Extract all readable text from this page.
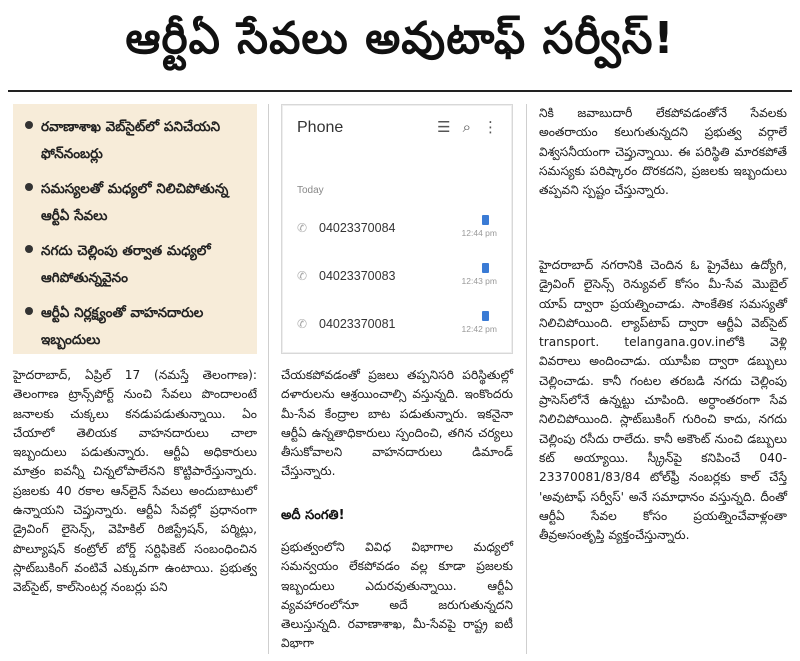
ఆర్టీఏ సేవలు అవుటాఫ్ సర్వీస్!
రవాణాశాఖ వెబ్‌సైట్‌లో పనిచేయని ఫోన్‌నంబర్లు
సమస్యలతో మధ్యలో నిలిచిపోతున్న ఆర్టీఏ సేవలు
నగదు చెల్లింపు తర్వాత మధ్యలో ఆగిపోతున్నవైనం
ఆర్టీఏ నిర్లక్ష్యంతో వాహనదారుల ఇబ్బందులు
Phone	☰ ⌕ ⋮
Today
✆ 04023370084	12:44 pm
✆ 04023370083	12:43 pm
✆ 04023370081	12:42 pm

హైదరాబాద్, ఏప్రిల్ 17 (నమస్తే తెలంగాణ): తెలంగాణ ట్రాన్స్‌పోర్ట్ నుంచి సేవలు పొందాలంటే జనాలకు చుక్కలు కనడుపడుతున్నాయి. ఏం చేయాలో తెలియక వాహనదారులు చాలా ఇబ్బందులు పడుతున్నారు. ఆర్టీఏ అధికారులు మాత్రం ఐవన్నీ చిన్నలోపాలేనని కొట్టిపారేస్తున్నారు. ప్రజలకు 40 రకాల ఆన్‌లైన్ సేవలు అందుబాటులో ఉన్నాయని చెప్తున్నారు. ఆర్టీఏ సేవల్లో ప్రధానంగా డ్రైవింగ్ లైసెన్స్, వెహికిల్ రిజిస్ట్రేషన్, పర్మిట్లు, పొల్యూషన్ కంట్రోల్ బోర్డ్ సర్టిఫికెట్ సంబంధించిన స్లాట్‌బుకింగ్ వంటివే ఎక్కువగా ఉంటాయి. ప్రభుత్వ వెబ్‌సైట్, కాల్‌సెంటర్ల నంబర్లు పని

చేయకపోవడంతో ప్రజలు తప్పనిసరి పరిస్థితుల్లో దళారులను ఆశ్రయించాల్సి వస్తున్నది. ఇంకొందరు మీ-సేవ కేంద్రాల బాట పడుతున్నారు. ఇకనైనా ఆర్టీఏ ఉన్నతాధికారులు స్పందించి, తగిన చర్యలు తీసుకోవాలని వాహనదారులు డిమాండ్ చేస్తున్నారు.

అదీ సంగతి!

ప్రభుత్వంలోని వివిధ విభాగాల మధ్యలో సమన్వయం లేకపోవడం వల్ల కూడా ప్రజలకు ఇబ్బందులు ఎదురవుతున్నాయి. ఆర్టీఏ వ్యవహారంలోనూ అదే జరుగుతున్నదని తెలుస్తున్నది. రవాణాశాఖ, మీ-సేవపై రాష్ట్ర ఐటీ విభాగా

నికి జవాబుదారీ లేకపోవడంతోనే సేవలకు అంతరాయం కలుగుతున్నదని ప్రభుత్వ వర్గాలే విశ్వసనీయంగా చెప్తున్నాయి. ఈ పరిస్థితి మారకపోతే సమస్యకు పరిష్కారం దొరకదని, ప్రజలకు ఇబ్బందులు తప్పవని స్పష్టం చేస్తున్నారు.

హైదరాబాద్ నగరానికి చెందిన ఓ ప్రైవేటు ఉద్యోగి, డ్రైవింగ్ లైసెన్స్ రెన్యువల్ కోసం మీ-సేవ మొబైల్ యాప్ ద్వారా ప్రయత్నించాడు. సాంకేతిక సమస్యతో నిలిచిపోయింది. ల్యాప్‌టాప్ ద్వారా ఆర్టీఏ వెబ్‌సైట్ transport. telangana.gov.inలోకి వెళ్లి వివరాలు అందించాడు. యూపీఐ ద్వారా డబ్బులు చెల్లించాడు. కానీ గంటల తరబడి నగదు చెల్లింపు ప్రాసెస్‌లోనే ఉన్నట్టు చూపింది. అర్ధాంతరంగా సేవ నిలిచిపోయింది. స్లాట్‌బుకింగ్ గురించి కాదు, నగదు చెల్లింపు రసీదు రాలేదు. కానీ అకౌంట్ నుంచి డబ్బులు కట్ అయ్యాయి. స్క్రీన్‌పై కనిపించే 040-23370081/83/84 టోల్‌ఫ్రీ నంబర్లకు కాల్ చేస్తే 'అవుటాఫ్ సర్వీస్' అనే సమాధానం వస్తున్నది. దీంతో ఆర్టీఏ సేవల కోసం ప్రయత్నించేవాళ్లంతా తీవ్రఅసంతృప్తి వ్యక్తంచేస్తున్నారు.
